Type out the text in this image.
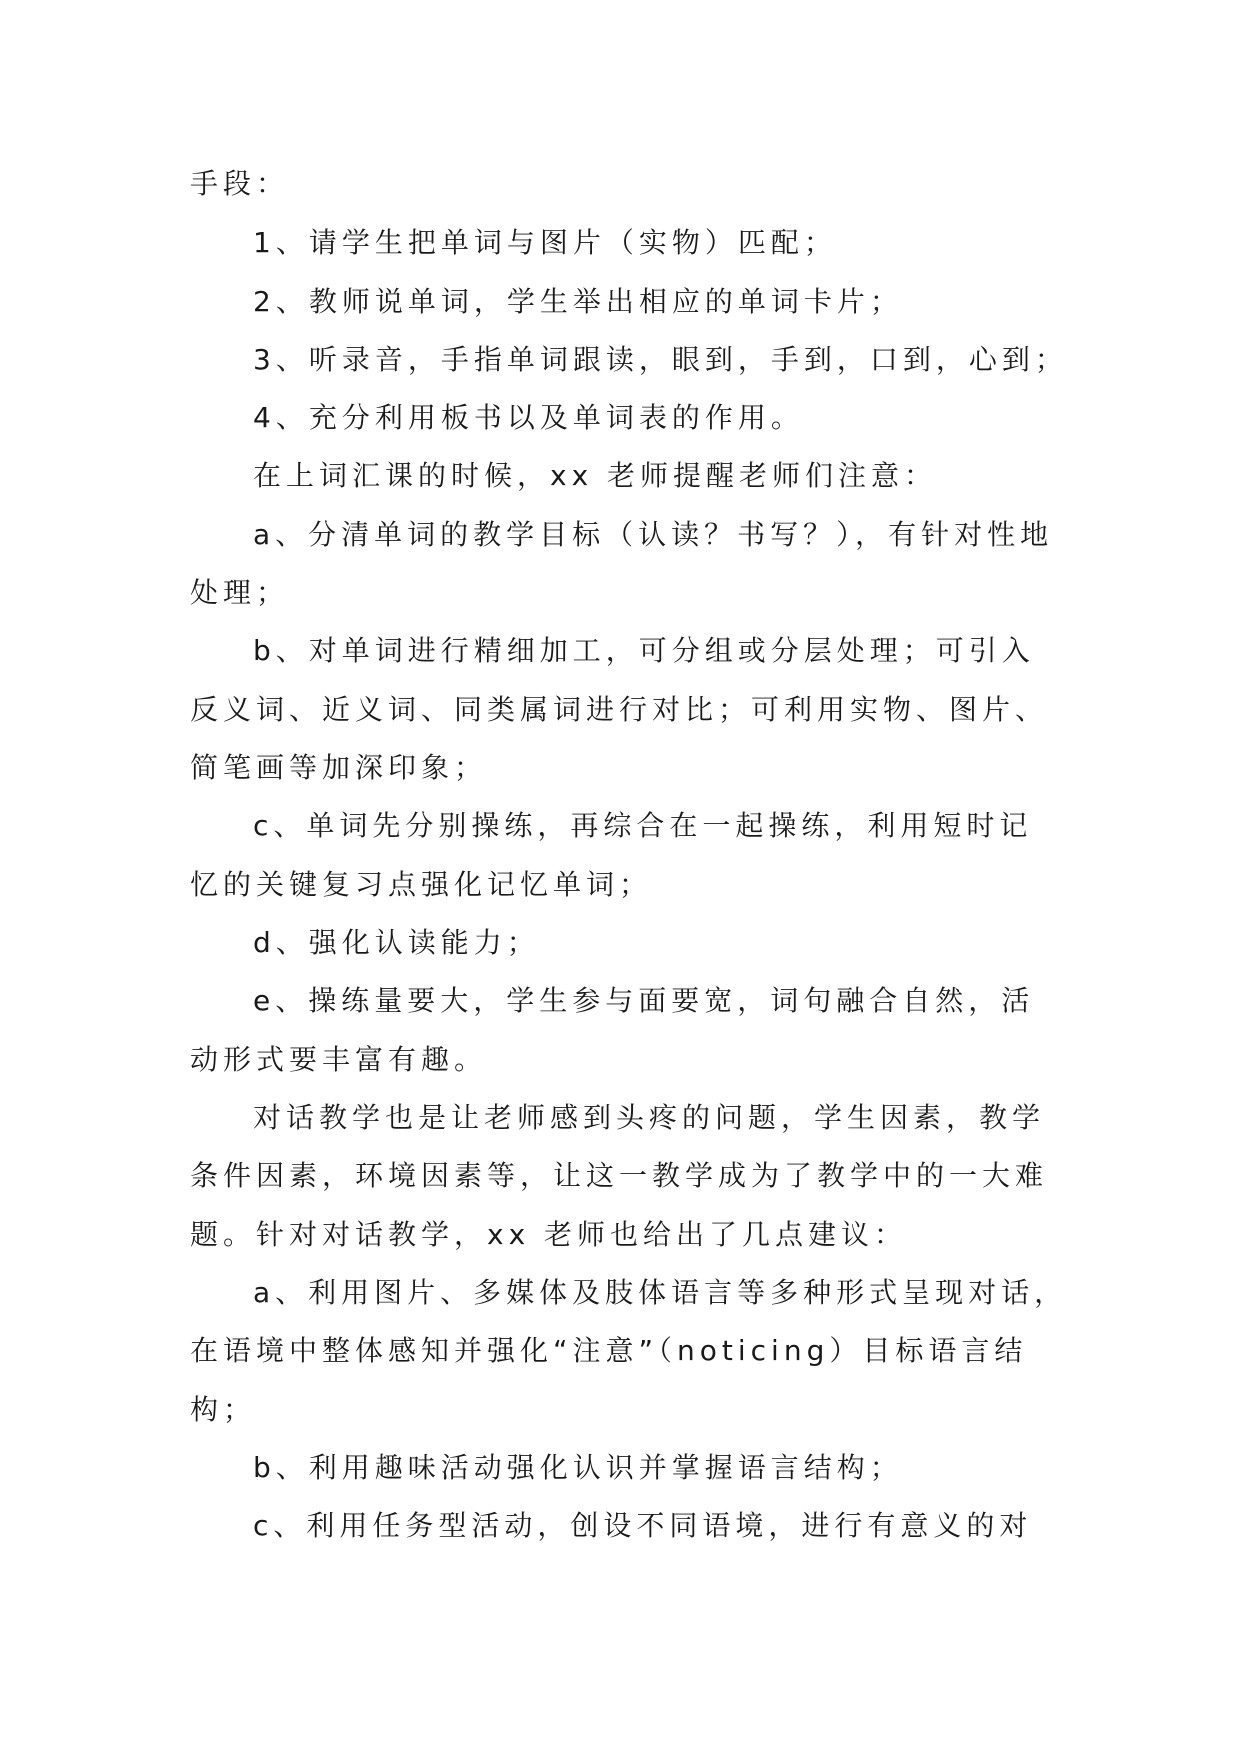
手段：
1、请学生把单词与图片（实物）匹配；
2、教师说单词，学生举出相应的单词卡片；
3、听录音，手指单词跟读，眼到，手到，口到，心到；
4、充分利用板书以及单词表的作用。
在上词汇课的时候，xx 老师提醒老师们注意：
a、分清单词的教学目标（认读？书写？），有针对性地
处理；
b、对单词进行精细加工，可分组或分层处理；可引入
反义词、近义词、同类属词进行对比；可利用实物、图片、
简笔画等加深印象；
c、单词先分别操练，再综合在一起操练，利用短时记
忆的关键复习点强化记忆单词；
d、强化认读能力；
e、操练量要大，学生参与面要宽，词句融合自然，活
动形式要丰富有趣。
对话教学也是让老师感到头疼的问题，学生因素，教学
条件因素，环境因素等，让这一教学成为了教学中的一大难
题。针对对话教学，xx 老师也给出了几点建议：
a、利用图片、多媒体及肢体语言等多种形式呈现对话，
在语境中整体感知并强化“注意”（noticing）目标语言结
构；
b、利用趣味活动强化认识并掌握语言结构；
c、利用任务型活动，创设不同语境，进行有意义的对
